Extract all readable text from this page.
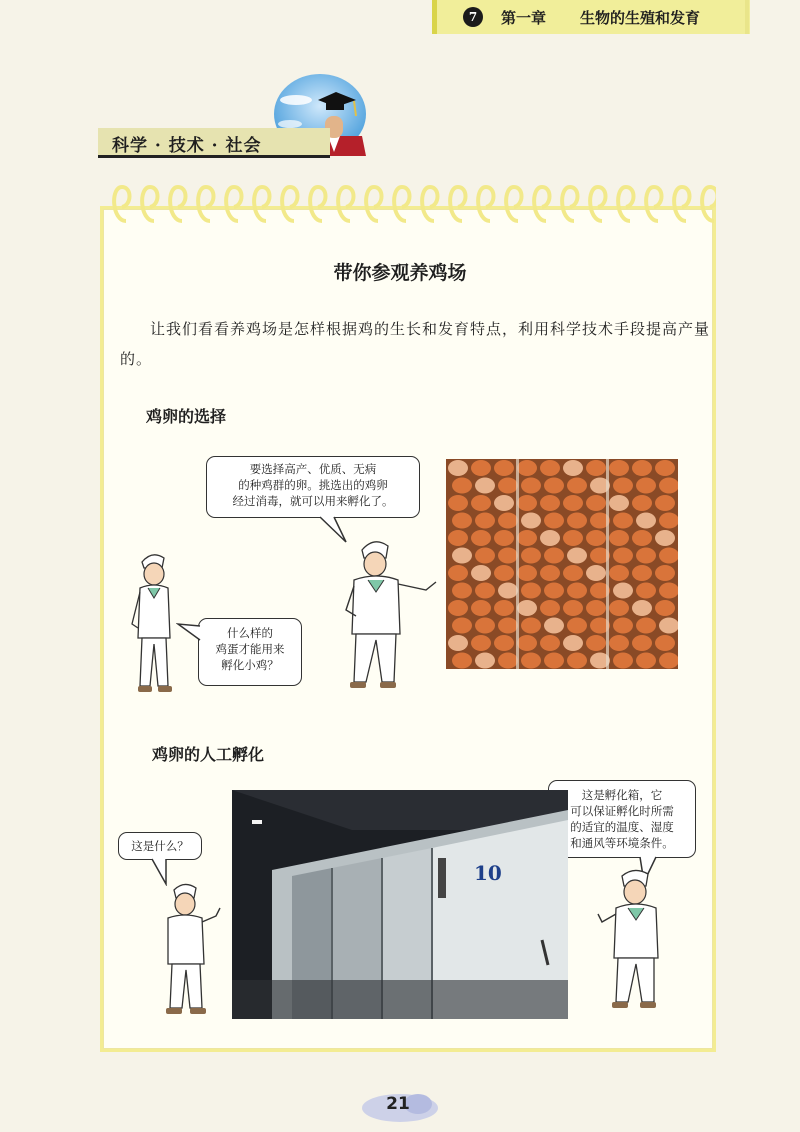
7	第一章 生物的生殖和发育
科学 · 技术 · 社会
带你参观养鸡场

让我们看看养鸡场是怎样根据鸡的生长和发育特点，利用科学技术手段提高产量的。

鸡卵的选择
要选择高产、优质、无病
的种鸡群的卵。挑选出的鸡卵
经过消毒，就可以用来孵化了。
什么样的
鸡蛋才能用来
孵化小鸡？
鸡卵的人工孵化
这是什么？
这是孵化箱，它
可以保证孵化时所需
的适宜的温度、湿度
和通风等环境条件。
10
21
